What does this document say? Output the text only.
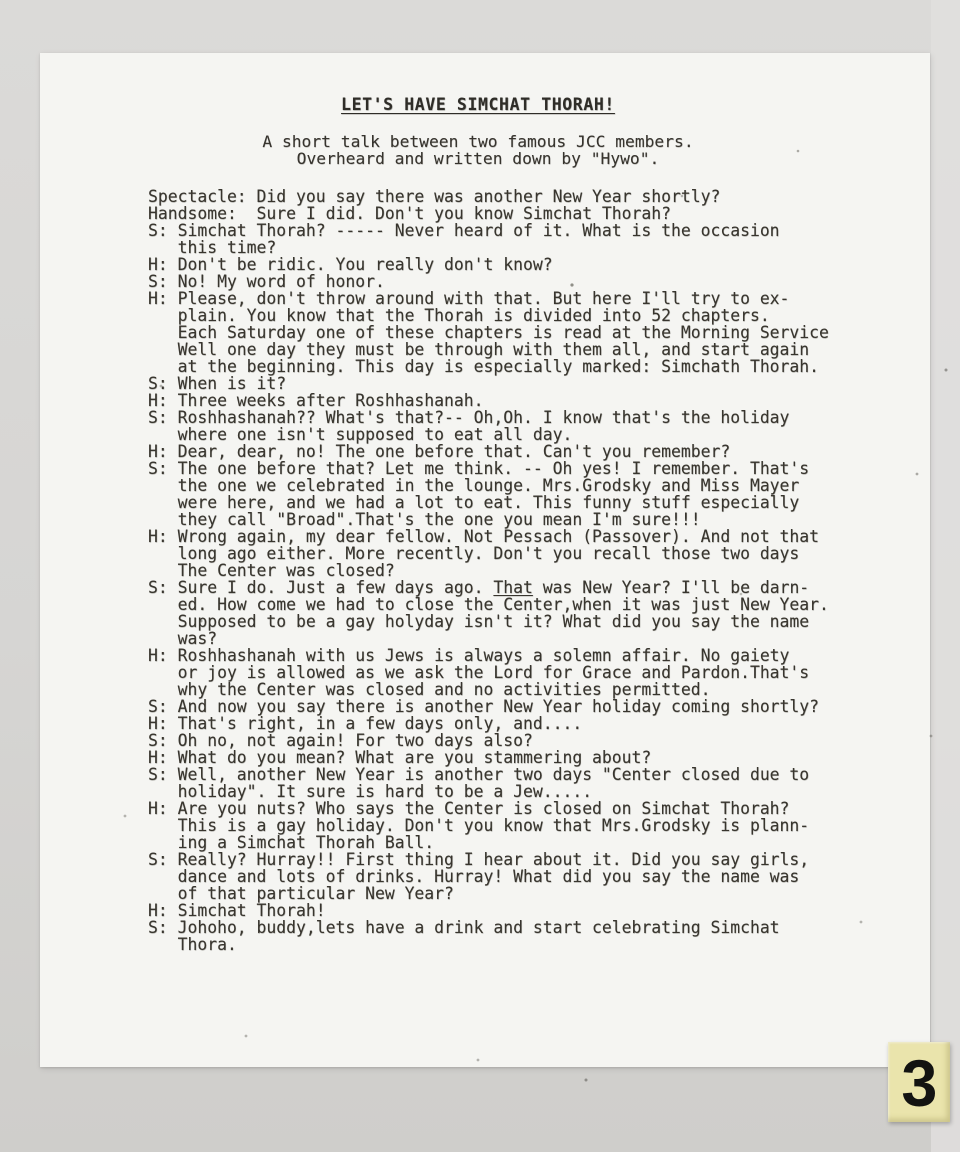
LET'S HAVE SIMCHAT THORAH!
A short talk between two famous JCC members.
Overheard and written down by "Hywo".
Spectacle: Did you say there was another New Year shortly?
Handsome:  Sure I did. Don't you know Simchat Thorah?
S: Simchat Thorah? ----- Never heard of it. What is the occasion
this time?
H: Don't be ridic. You really don't know?
S: No! My word of honor.
H: Please, don't throw around with that. But here I'll try to ex-
plain. You know that the Thorah is divided into 52 chapters.
Each Saturday one of these chapters is read at the Morning Service
Well one day they must be through with them all, and start again
at the beginning. This day is especially marked: Simchath Thorah.
S: When is it?
H: Three weeks after Roshhashanah.
S: Roshhashanah?? What's that?-- Oh,Oh. I know that's the holiday
where one isn't supposed to eat all day.
H: Dear, dear, no! The one before that. Can't you remember?
S: The one before that? Let me think. -- Oh yes! I remember. That's
the one we celebrated in the lounge. Mrs.Grodsky and Miss Mayer
were here, and we had a lot to eat. This funny stuff especially
they call "Broad".That's the one you mean I'm sure!!!
H: Wrong again, my dear fellow. Not Pessach (Passover). And not that
long ago either. More recently. Don't you recall those two days
The Center was closed?
S: Sure I do. Just a few days ago. That was New Year? I'll be darn-
ed. How come we had to close the Center,when it was just New Year.
Supposed to be a gay holyday isn't it? What did you say the name
was?
H: Roshhashanah with us Jews is always a solemn affair. No gaiety
or joy is allowed as we ask the Lord for Grace and Pardon.That's
why the Center was closed and no activities permitted.
S: And now you say there is another New Year holiday coming shortly?
H: That's right, in a few days only, and....
S: Oh no, not again! For two days also?
H: What do you mean? What are you stammering about?
S: Well, another New Year is another two days "Center closed due to
holiday". It sure is hard to be a Jew.....
H: Are you nuts? Who says the Center is closed on Simchat Thorah?
This is a gay holiday. Don't you know that Mrs.Grodsky is plann-
ing a Simchat Thorah Ball.
S: Really? Hurray!! First thing I hear about it. Did you say girls,
dance and lots of drinks. Hurray! What did you say the name was
of that particular New Year?
H: Simchat Thorah!
S: Johoho, buddy,lets have a drink and start celebrating Simchat
Thora.
3
